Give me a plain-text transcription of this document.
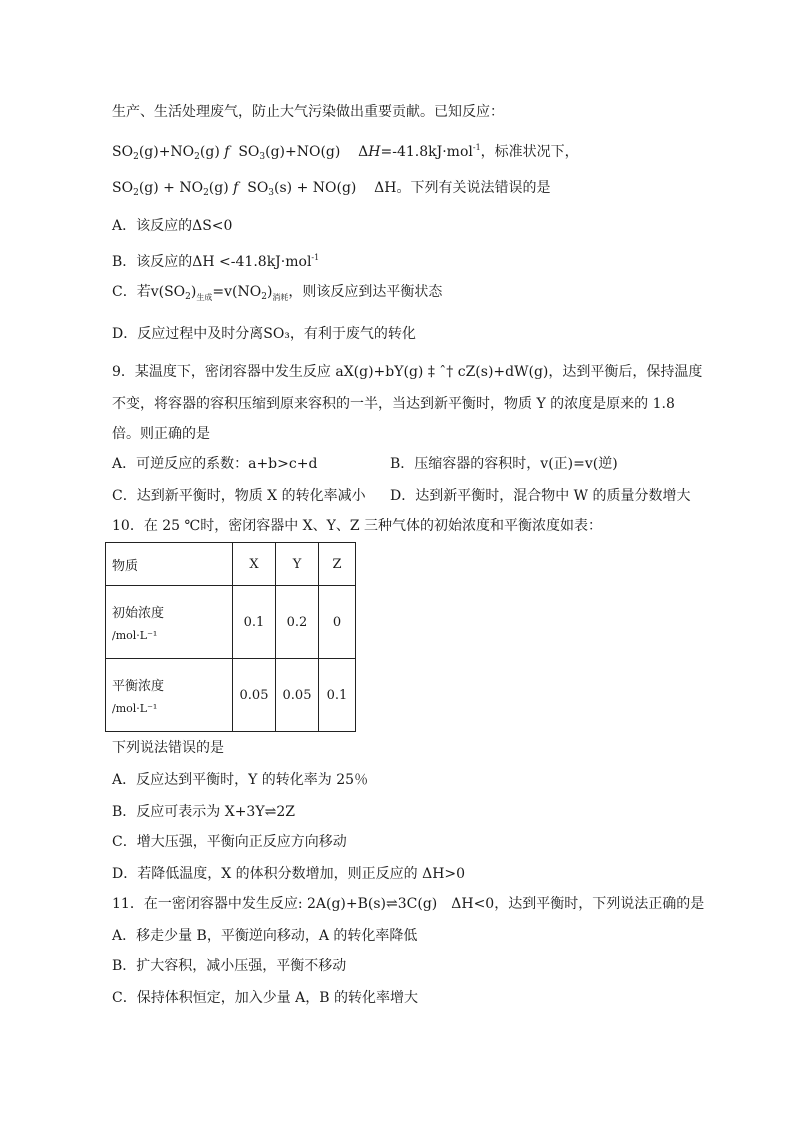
生产、生活处理废气，防止大气污染做出重要贡献。已知反应：
$SO_2(g)+NO_2(g)$ f  $SO_3(g)+NO(g)$    ΔH=-41.8kJ·mol$^{-1}$，标准状况下，
$SO_2(g) + NO_2(g)$ f  $SO_3(s) + NO(g)$    ΔH。下列有关说法错误的是
A．该反应的ΔS<0
B．该反应的ΔH <-41.8kJ·mol$^{-1}$
C．若$v(SO_2)_{生成}=v(NO_2)_{消耗}$，则该反应到达平衡状态
D．反应过程中及时分离SO₃，有利于废气的转化
9．某温度下，密闭容器中发生反应 aX(g)+bY(g) ‡ ˆ† cZ(s)+dW(g)，达到平衡后，保持温度
不变，将容器的容积压缩到原来容积的一半，当达到新平衡时，物质 Y 的浓度是原来的 1.8
倍。则正确的是
A．可逆反应的系数：a+b>c+d	B．压缩容器的容积时，v(正)=v(逆)
C．达到新平衡时，物质 X 的转化率减小 D．达到新平衡时，混合物中 W 的质量分数增大
10．在 25 ℃时，密闭容器中 X、Y、Z 三种气体的初始浓度和平衡浓度如表：
物质	X	Y	Z

初始浓度
/mol·L⁻¹	0.1	0.2	0

平衡浓度
/mol·L⁻¹	0.05	0.05	0.1
下列说法错误的是
A．反应达到平衡时，Y 的转化率为 25％
B．反应可表示为 X+3Y⇌2Z
C．增大压强，平衡向正反应方向移动
D．若降低温度，X 的体积分数增加，则正反应的 ΔH>0
11．在一密闭容器中发生反应: 2A(g)+B(s)⇌3C(g)　ΔH<0，达到平衡时，下列说法正确的是
A．移走少量 B，平衡逆向移动，A 的转化率降低
B．扩大容积，减小压强，平衡不移动
C．保持体积恒定，加入少量 A，B 的转化率增大
